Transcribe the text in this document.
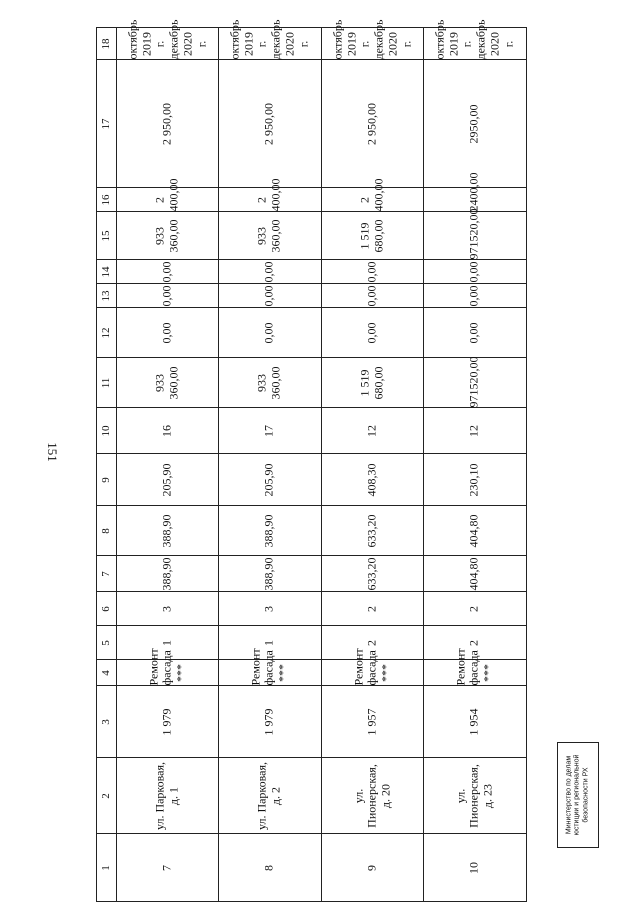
151
октябрь 2019 г. декабрь 2020 г.	2950,00	2400,00	971520,00	0,00	0,00	0,00	971520,00	12	230,10	404,80	404,80	2	2	Ремонт фасада ***	1 954	ул. Пионерская, д. 23	10
октябрь 2019 г. декабрь 2020 г.	2 950,00	2 400,00	1 519 680,00	0,00	0,00	0,00	1 519 680,00	12	408,30	633,20	633,20	2	2	Ремонт фасада ***	1 957	ул. Пионерская, д. 20	9
октябрь 2019 г. декабрь 2020 г.	2 950,00	2 400,00	933 360,00	0,00	0,00	0,00	933 360,00	17	205,90	388,90	388,90	3	1	Ремонт фасада ***	1 979	ул. Парковая, д. 2	8
октябрь 2019 г. декабрь 2020 г.	2 950,00	2 400,00	933 360,00	0,00	0,00	0,00	933 360,00	16	205,90	388,90	388,90	3	1	Ремонт фасада ***	1 979	ул. Парковая, д. 1	7
18	17	16	15	14	13	12	11	10	9	8	7	6	5	4	3	2	1
Министерство по делам юстиции и региональной безопасности РХ
